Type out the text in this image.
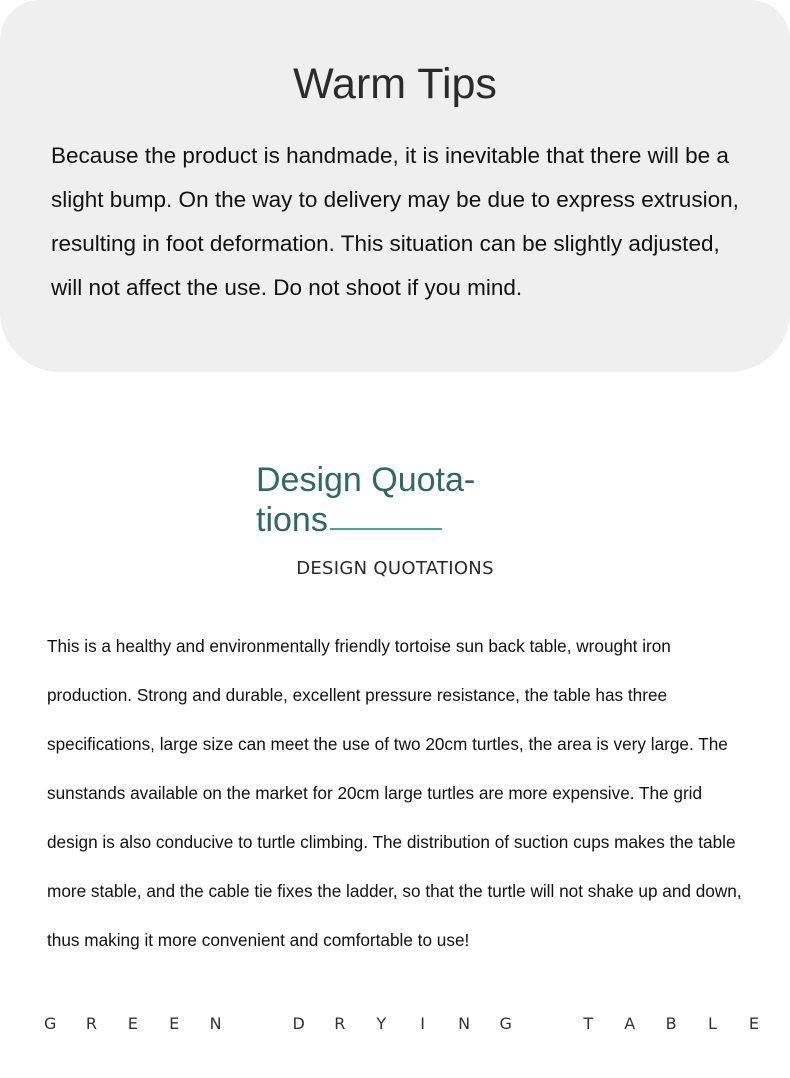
Warm Tips

Because the product is handmade, it is inevitable that there will be a slight bump. On the way to delivery may be due to express extrusion, resulting in foot deformation. This situation can be slightly adjusted, will not affect the use. Do not shoot if you mind.

Design Quota-
tions
DESIGN QUOTATIONS

This is a healthy and environmentally friendly tortoise sun back table, wrought iron production. Strong and durable, excellent pressure resistance, the table has three specifications, large size can meet the use of two 20cm turtles, the area is very large. The sunstands available on the market for 20cm large turtles are more expensive. The grid design is also conducive to turtle climbing. The distribution of suction cups makes the table more stable, and the cable tie fixes the ladder, so that the turtle will not shake up and down, thus making it more convenient and comfortable to use!

G R E E N
	D R Y I N G
	T A B L E
